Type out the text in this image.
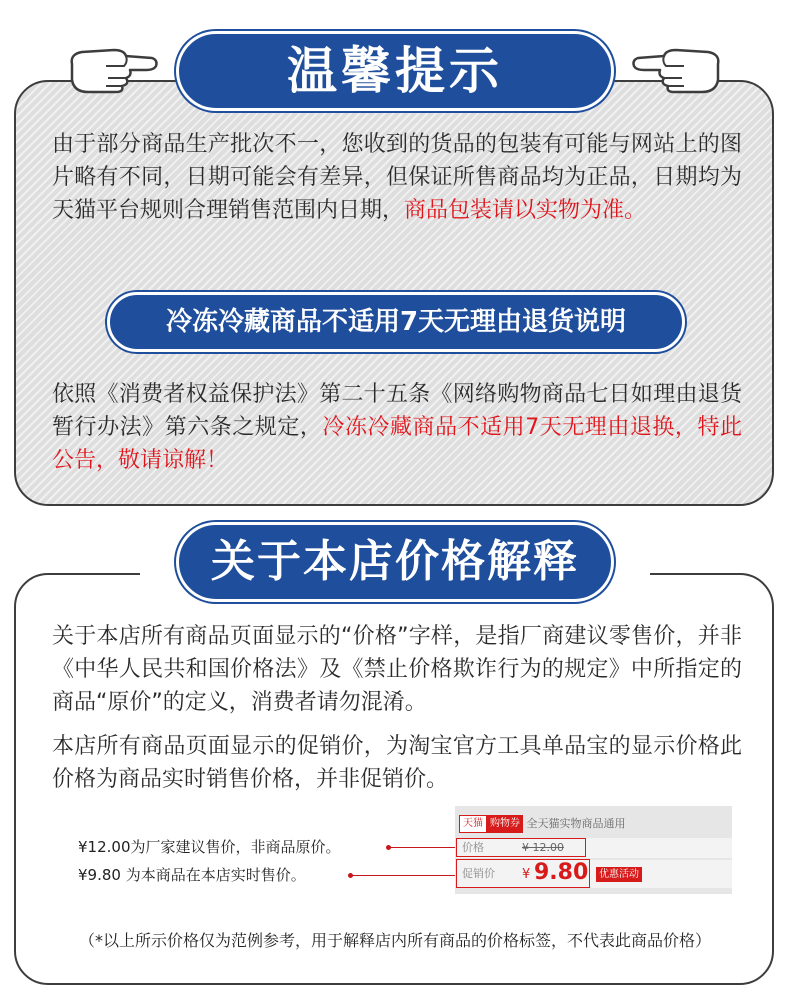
温馨提示

由于部分商品生产批次不一，您收到的货品的包装有可能与网站上的图片略有不同，日期可能会有差异，但保证所售商品均为正品，日期均为天猫平台规则合理销售范围内日期，商品包装请以实物为准。

冷冻冷藏商品不适用7天无理由退货说明

依照《消费者权益保护法》第二十五条《网络购物商品七日如理由退货暂行办法》第六条之规定，冷冻冷藏商品不适用7天无理由退换，特此公告，敬请谅解！

关于本店价格解释

关于本店所有商品页面显示的“价格”字样，是指厂商建议零售价，并非《中华人民共和国价格法》及《禁止价格欺诈行为的规定》中所指定的商品“原价”的定义，消费者请勿混淆。

本店所有商品页面显示的促销价，为淘宝官方工具单品宝的显示价格此价格为商品实时销售价格，并非促销价。

¥12.00为厂家建议售价，非商品原价。
¥9.80 为本商品在本店实时售价。
天猫 购物券 全天猫实物商品通用
价格	¥ 12.00
促销价 ¥ 9.80	优惠活动
（*以上所示价格仅为范例参考，用于解释店内所有商品的价格标签，不代表此商品价格）
